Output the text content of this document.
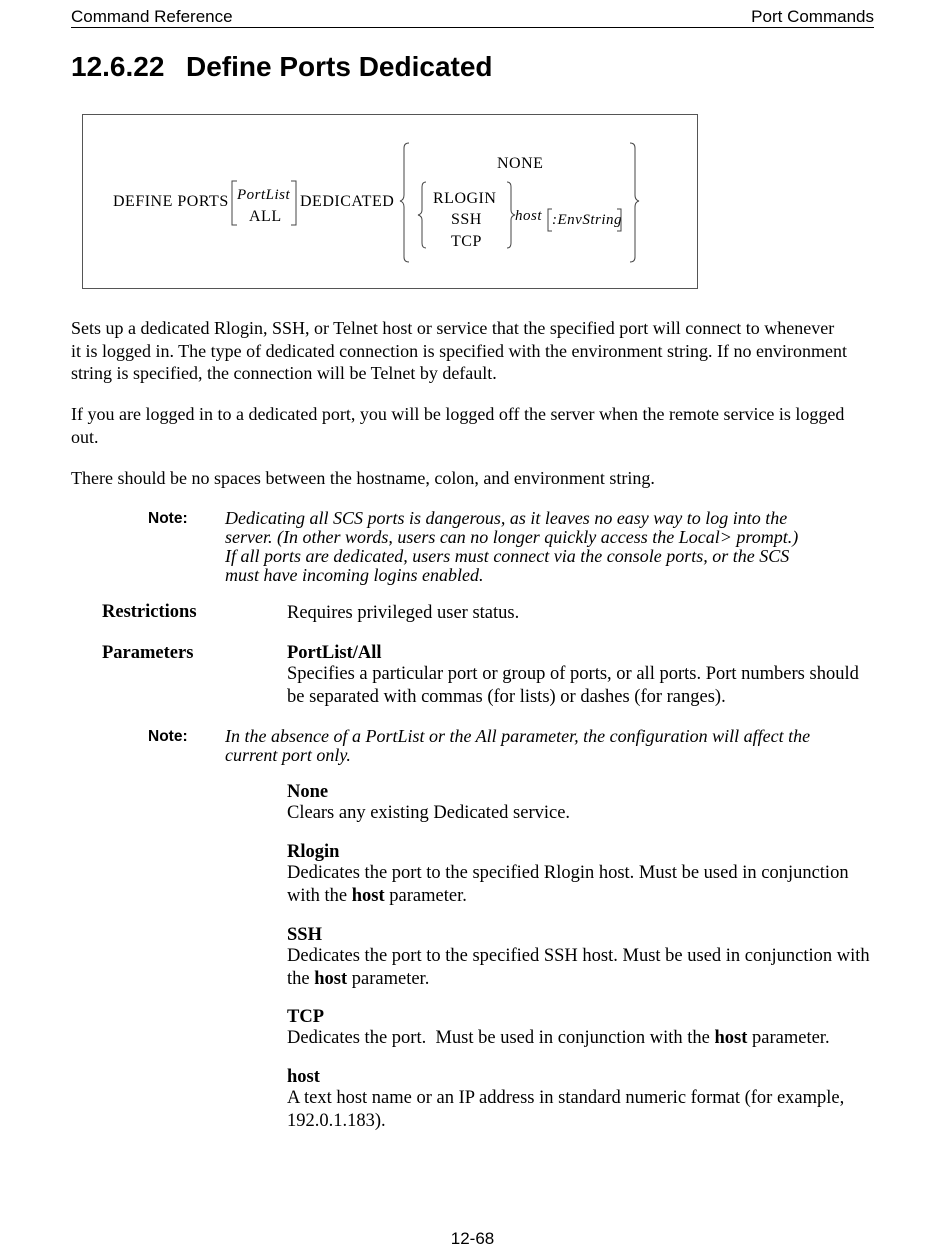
Command Reference	Port Commands
12.6.22 Define Ports Dedicated
DEFINE PORTS PortList
ALL
DEDICATED
NONE
RLOGIN
SSH
TCP
host :EnvString
Sets up a dedicated Rlogin, SSH, or Telnet host or service that the specified port will connect to whenever
it is logged in. The type of dedicated connection is specified with the environment string. If no environment
string is specified, the connection will be Telnet by default.
If you are logged in to a dedicated port, you will be logged off the server when the remote service is logged
out.
There should be no spaces between the hostname, colon, and environment string.
Note: Dedicating all SCS ports is dangerous, as it leaves no easy way to log into the
server. (In other words, users can no longer quickly access the Local> prompt.)
If all ports are dedicated, users must connect via the console ports, or the SCS
must have incoming logins enabled.
Restrictions	Requires privileged user status.
Parameters	PortList/All
Specifies a particular port or group of ports, or all ports. Port numbers should
be separated with commas (for lists) or dashes (for ranges).
Note: In the absence of a PortList or the All parameter, the configuration will affect the
current port only.
None
Clears any existing Dedicated service.
Rlogin
Dedicates the port to the specified Rlogin host. Must be used in conjunction
with the host parameter.
SSH
Dedicates the port to the specified SSH host. Must be used in conjunction with
the host parameter.
TCP
Dedicates the port.  Must be used in conjunction with the host parameter.
host
A text host name or an IP address in standard numeric format (for example,
192.0.1.183).
12-68
